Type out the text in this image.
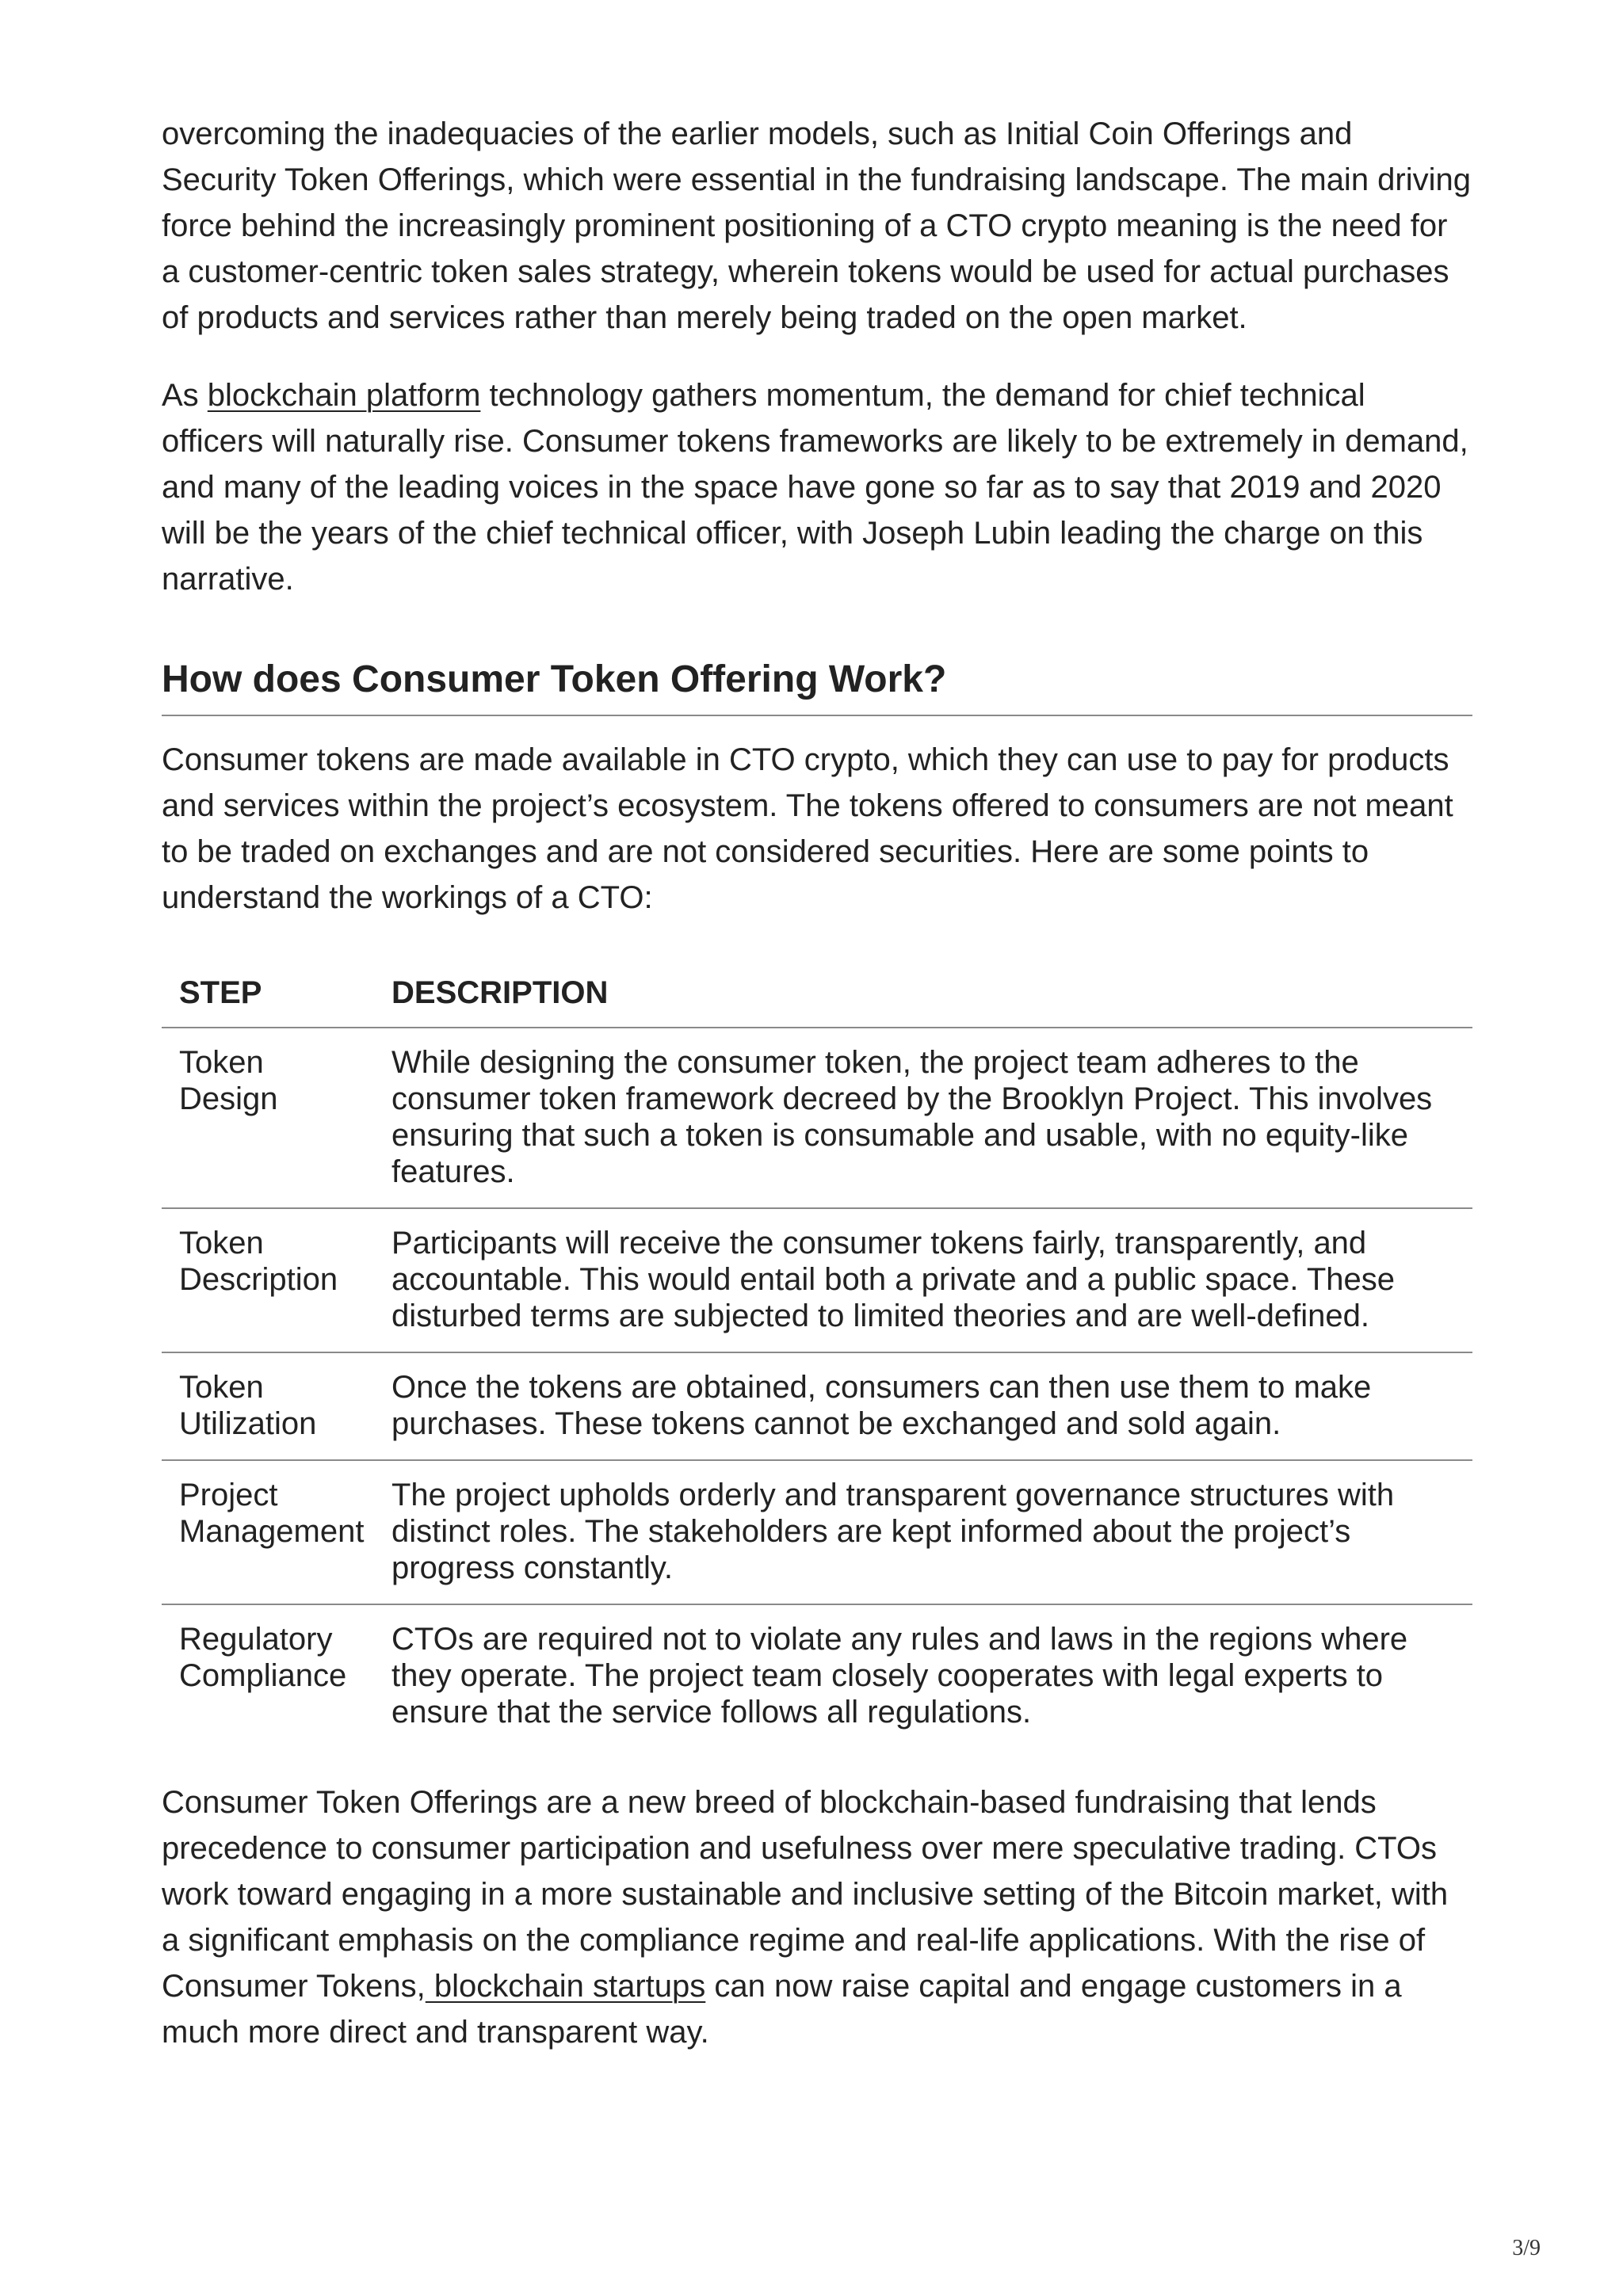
overcoming the inadequacies of the earlier models, such as Initial Coin Offerings and Security Token Offerings, which were essential in the fundraising landscape. The main driving force behind the increasingly prominent positioning of a CTO crypto meaning is the need for a customer-centric token sales strategy, wherein tokens would be used for actual purchases of products and services rather than merely being traded on the open market.

As blockchain platform technology gathers momentum, the demand for chief technical officers will naturally rise. Consumer tokens frameworks are likely to be extremely in demand, and many of the leading voices in the space have gone so far as to say that 2019 and 2020 will be the years of the chief technical officer, with Joseph Lubin leading the charge on this narrative.

How does Consumer Token Offering Work?

Consumer tokens are made available in CTO crypto, which they can use to pay for products and services within the project’s ecosystem. The tokens offered to consumers are not meant to be traded on exchanges and are not considered securities. Here are some points to understand the workings of a CTO:

STEP	DESCRIPTION
Token Design	While designing the consumer token, the project team adheres to the consumer token framework decreed by the Brooklyn Project. This involves ensuring that such a token is consumable and usable, with no equity-like features.
Token Description	Participants will receive the consumer tokens fairly, transparently, and accountable. This would entail both a private and a public space. These disturbed terms are subjected to limited theories and are well-defined.
Token Utilization	Once the tokens are obtained, consumers can then use them to make purchases. These tokens cannot be exchanged and sold again.
Project Management	The project upholds orderly and transparent governance structures with distinct roles. The stakeholders are kept informed about the project’s progress constantly.
Regulatory Compliance	CTOs are required not to violate any rules and laws in the regions where they operate. The project team closely cooperates with legal experts to ensure that the service follows all regulations.

Consumer Token Offerings are a new breed of blockchain-based fundraising that lends precedence to consumer participation and usefulness over mere speculative trading. CTOs work toward engaging in a more sustainable and inclusive setting of the Bitcoin market, with a significant emphasis on the compliance regime and real-life applications. With the rise of Consumer Tokens, blockchain startups can now raise capital and engage customers in a much more direct and transparent way.

3/9
